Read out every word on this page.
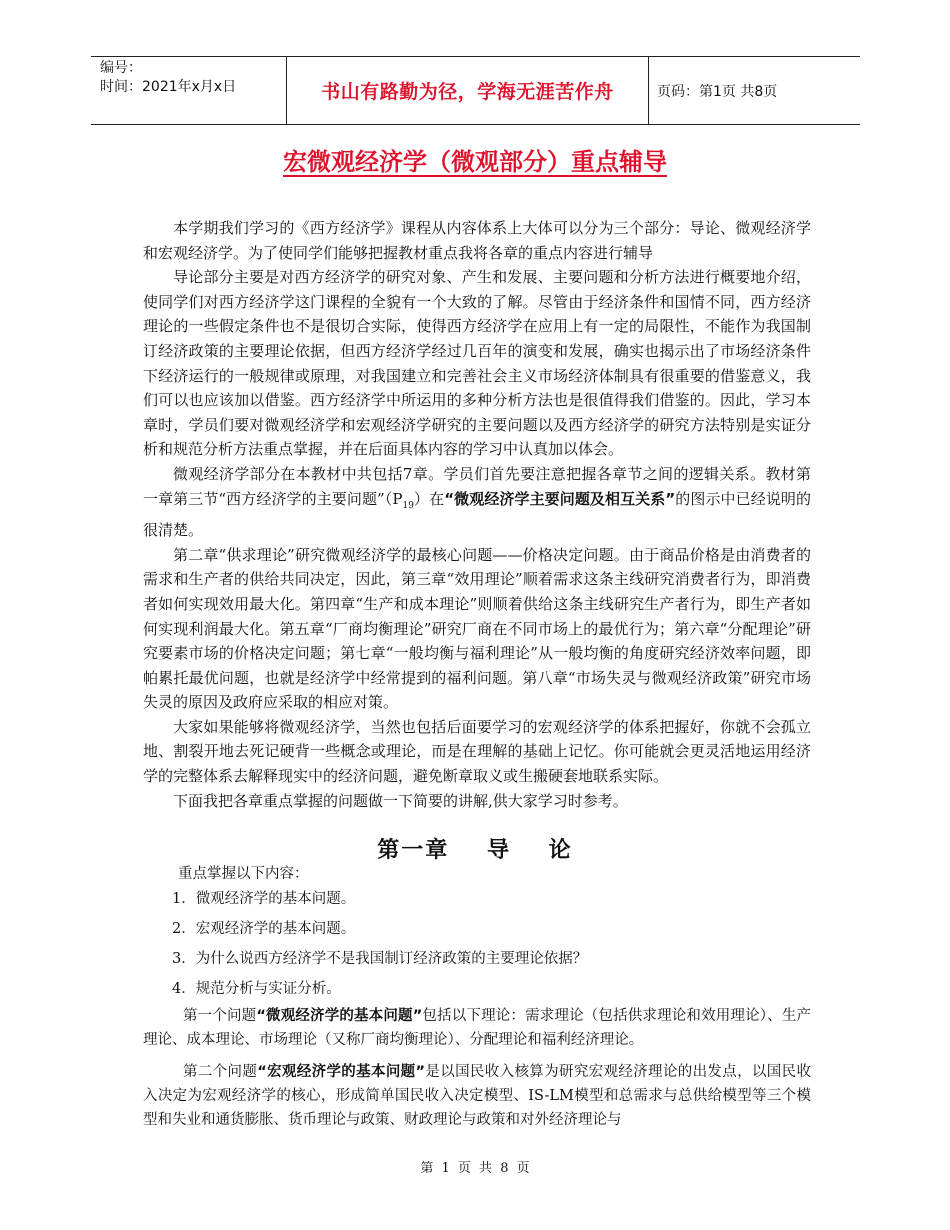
编号：
时间：2021年x月x日	书山有路勤为径，学海无涯苦作舟	页码：第1页 共8页
宏微观经济学（微观部分）重点辅导

本学期我们学习的《西方经济学》课程从内容体系上大体可以分为三个部分：导论、微观经济学和宏观经济学。为了使同学们能够把握教材重点我将各章的重点内容进行辅导

导论部分主要是对西方经济学的研究对象、产生和发展、主要问题和分析方法进行概要地介绍，使同学们对西方经济学这门课程的全貌有一个大致的了解。尽管由于经济条件和国情不同，西方经济理论的一些假定条件也不是很切合实际，使得西方经济学在应用上有一定的局限性，不能作为我国制订经济政策的主要理论依据，但西方经济学经过几百年的演变和发展，确实也揭示出了市场经济条件下经济运行的一般规律或原理，对我国建立和完善社会主义市场经济体制具有很重要的借鉴意义，我们可以也应该加以借鉴。西方经济学中所运用的多种分析方法也是很值得我们借鉴的。因此，学习本章时，学员们要对微观经济学和宏观经济学研究的主要问题以及西方经济学的研究方法特别是实证分析和规范分析方法重点掌握，并在后面具体内容的学习中认真加以体会。

微观经济学部分在本教材中共包括7章。学员们首先要注意把握各章节之间的逻辑关系。教材第一章第三节“西方经济学的主要问题$”(P_{19})$在“微观经济学主要问题及相互关系”的图示中已经说明的很清楚。

第二章“供求理论”研究微观经济学的最核心问题——价格决定问题。由于商品价格是由消费者的需求和生产者的供给共同决定，因此，第三章“效用理论”顺着需求这条主线研究消费者行为，即消费者如何实现效用最大化。第四章“生产和成本理论”则顺着供给这条主线研究生产者行为，即生产者如何实现利润最大化。第五章“厂商均衡理论”研究厂商在不同市场上的最优行为；第六章“分配理论”研究要素市场的价格决定问题；第七章“一般均衡与福利理论”从一般均衡的角度研究经济效率问题，即帕累托最优问题，也就是经济学中经常提到的福利问题。第八章“市场失灵与微观经济政策”研究市场失灵的原因及政府应采取的相应对策。

大家如果能够将微观经济学，当然也包括后面要学习的宏观经济学的体系把握好，你就不会孤立地、割裂开地去死记硬背一些概念或理论，而是在理解的基础上记忆。你可能就会更灵活地运用经济学的完整体系去解释现实中的经济问题，避免断章取义或生搬硬套地联系实际。

下面我把各章重点掌握的问题做一下简要的讲解,供大家学习时参考。

第一章 导 论

重点掌握以下内容：

1．微观经济学的基本问题。

2．宏观经济学的基本问题。

3．为什么说西方经济学不是我国制订经济政策的主要理论依据？

4．规范分析与实证分析。

第一个问题“微观经济学的基本问题”包括以下理论：需求理论（包括供求理论和效用理论）、生产理论、成本理论、市场理论（又称厂商均衡理论）、分配理论和福利经济理论。

第二个问题“宏观经济学的基本问题”是以国民收入核算为研究宏观经济理论的出发点，以国民收入决定为宏观经济学的核心，形成简单国民收入决定模型、IS-LM模型和总需求与总供给模型等三个模型和失业和通货膨胀、货币理论与政策、财政理论与政策和对外经济理论与

第 1 页 共 8 页
